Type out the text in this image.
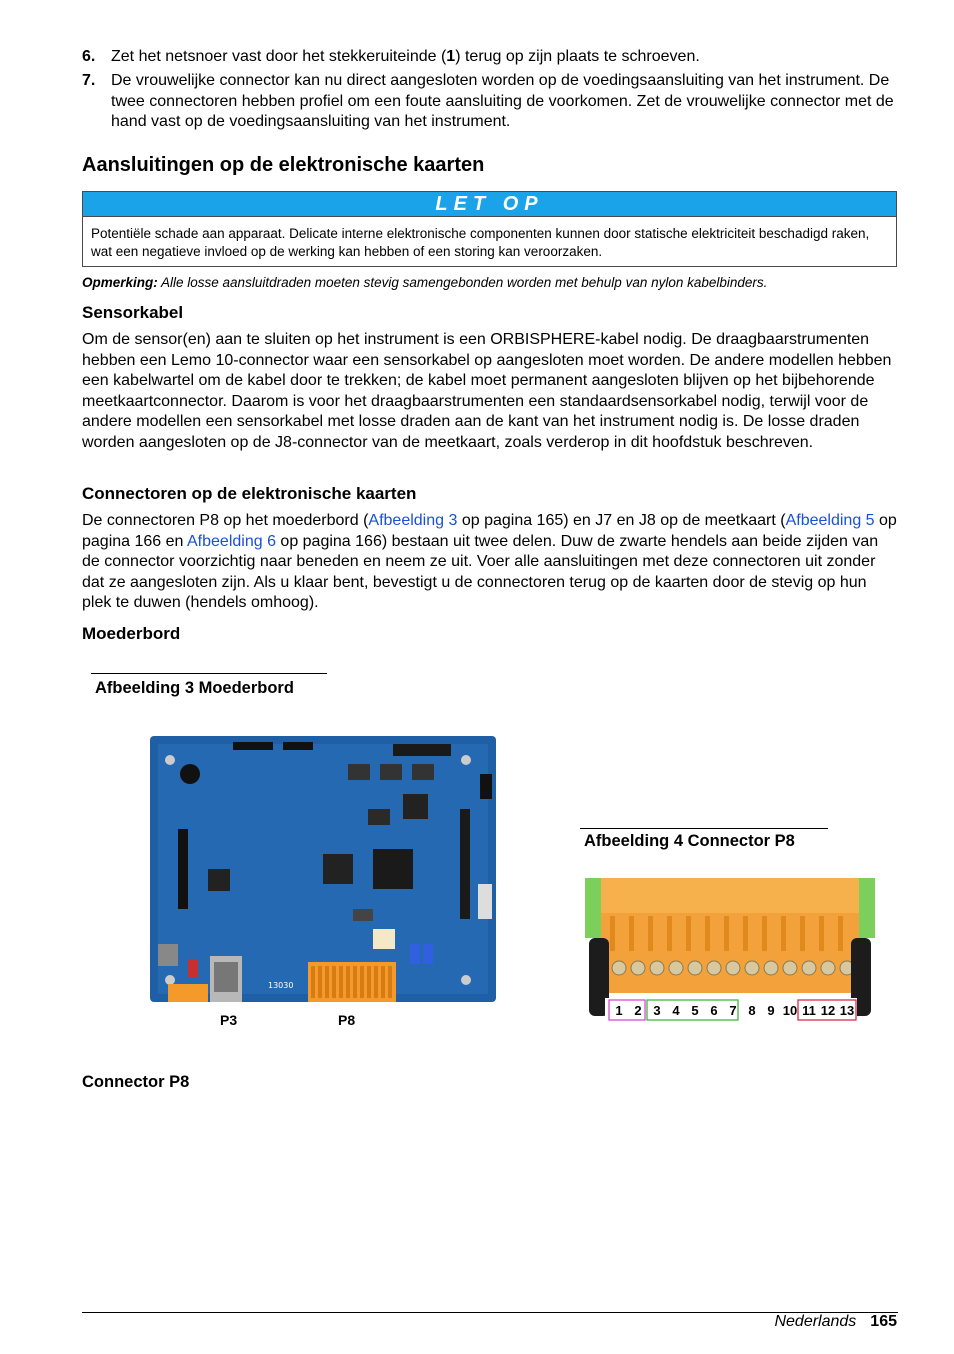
6. Zet het netsnoer vast door het stekkeruiteinde (1) terug op zijn plaats te schroeven.
7. De vrouwelijke connector kan nu direct aangesloten worden op de voedingsaansluiting van het instrument. De twee connectoren hebben profiel om een foute aansluiting de voorkomen. Zet de vrouwelijke connector met de hand vast op de voedingsaansluiting van het instrument.
Aansluitingen op de elektronische kaarten
LET OP
Potentiële schade aan apparaat. Delicate interne elektronische componenten kunnen door statische elektriciteit beschadigd raken, wat een negatieve invloed op de werking kan hebben of een storing kan veroorzaken.
Opmerking: Alle losse aansluitdraden moeten stevig samengebonden worden met behulp van nylon kabelbinders.
Sensorkabel
Om de sensor(en) aan te sluiten op het instrument is een ORBISPHERE-kabel nodig. De draagbaarstrumenten hebben een Lemo 10-connector waar een sensorkabel op aangesloten moet worden. De andere modellen hebben een kabelwartel om de kabel door te trekken; de kabel moet permanent aangesloten blijven op het bijbehorende meetkaartconnector. Daarom is voor het draagbaarstrumenten een standaardsensorkabel nodig, terwijl voor de andere modellen een sensorkabel met losse draden aan de kant van het instrument nodig is. De losse draden worden aangesloten op de J8-connector van de meetkaart, zoals verderop in dit hoofdstuk beschreven.
Connectoren op de elektronische kaarten
De connectoren P8 op het moederbord (Afbeelding 3 op pagina 165) en J7 en J8 op de meetkaart (Afbeelding 5 op pagina 166 en Afbeelding 6 op pagina 166) bestaan uit twee delen. Duw de zwarte hendels aan beide zijden van de connector voorzichtig naar beneden en neem ze uit. Voer alle aansluitingen met deze connectoren uit zonder dat ze aangesloten zijn. Als u klaar bent, bevestigt u de connectoren terug op de kaarten door de stevig op hun plek te duwen (hendels omhoog).
Moederbord
Afbeelding 3 Moederbord
13030
P3	P8
Afbeelding 4 Connector P8
1 2 3 4 5 6 7 8 9 10 11 12 13
Connector P8
Nederlands 165
